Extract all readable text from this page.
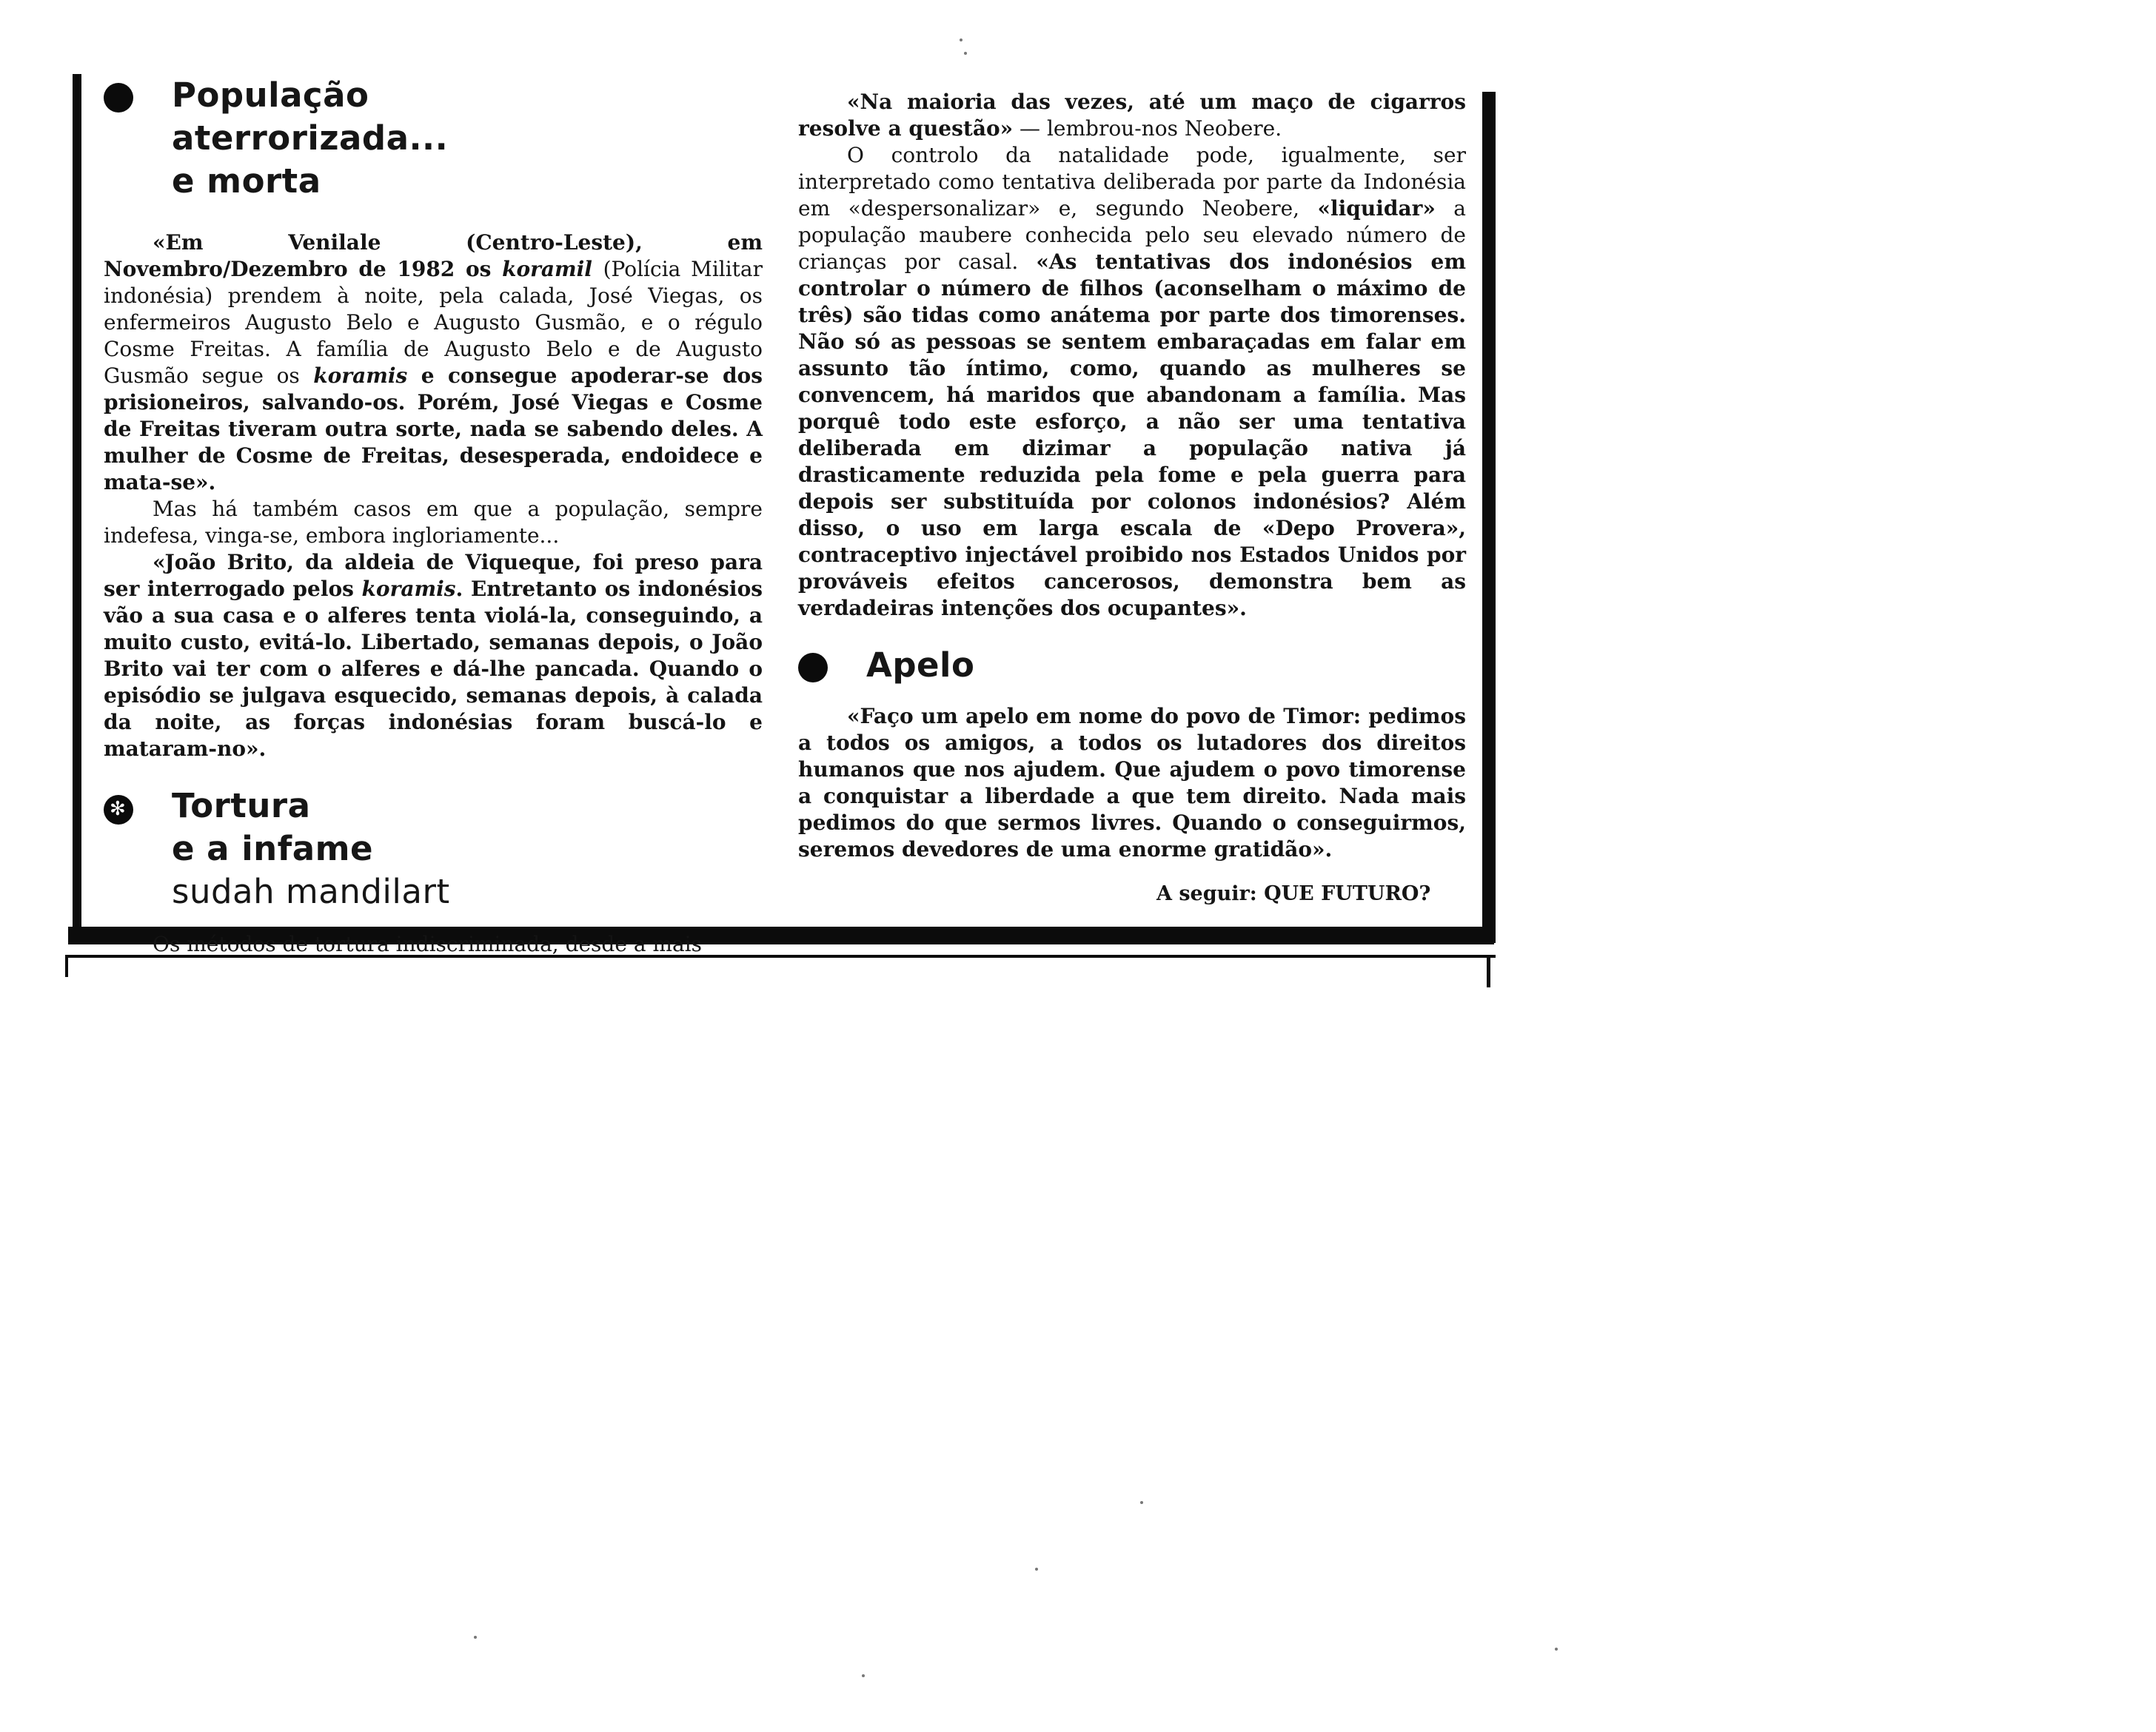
População
aterrorizada...
e morta

«Em Venilale (Centro-Leste), em Novembro/Dezembro de 1982 os koramil (Polícia Militar indonésia) prendem à noite, pela calada, José Viegas, os enfermeiros Augusto Belo e Augusto Gusmão, e o régulo Cosme Freitas. A família de Augusto Belo e de Augusto Gusmão segue os koramis e consegue apoderar-se dos prisioneiros, salvando-os. Porém, José Viegas e Cosme de Freitas tiveram outra sorte, nada se sabendo deles. A mulher de Cosme de Freitas, desesperada, endoidece e mata-se».

Mas há também casos em que a população, sempre indefesa, vinga-se, embora ingloriamente...

«João Brito, da aldeia de Viqueque, foi preso para ser interrogado pelos koramis. Entretanto os indonésios vão a sua casa e o alferes tenta violá-la, conseguindo, a muito custo, evitá-lo. Libertado, semanas depois, o João Brito vai ter com o alferes e dá-lhe pancada. Quando o episódio se julgava esquecido, semanas depois, à calada da noite, as forças indonésias foram buscá-lo e mataram-no».

✻
Tortura
e a infame
sudah mandilart

Os métodos de tortura indiscriminada, desde a mais

«Na maioria das vezes, até um maço de cigarros resolve a questão» — lembrou-nos Neobere.

O controlo da natalidade pode, igualmente, ser interpretado como tentativa deliberada por parte da Indonésia em «despersonalizar» e, segundo Neobere, «liquidar» a população maubere conhecida pelo seu elevado número de crianças por casal. «As tentativas dos indonésios em controlar o número de filhos (aconselham o máximo de três) são tidas como anátema por parte dos timorenses. Não só as pessoas se sentem embaraçadas em falar em assunto tão íntimo, como, quando as mulheres se convencem, há maridos que abandonam a família. Mas porquê todo este esforço, a não ser uma tentativa deliberada em dizimar a população nativa já drasticamente reduzida pela fome e pela guerra para depois ser substituída por colonos indonésios? Além disso, o uso em larga escala de «Depo Provera», contraceptivo injectável proibido nos Estados Unidos por prováveis efeitos cancerosos, demonstra bem as verdadeiras intenções dos ocupantes».

Apelo

«Faço um apelo em nome do povo de Timor: pedimos a todos os amigos, a todos os lutadores dos direitos humanos que nos ajudem. Que ajudem o povo timorense a conquistar a liberdade a que tem direito. Nada mais pedimos do que sermos livres. Quando o conseguirmos, seremos devedores de uma enorme gratidão».

A seguir: QUE FUTURO?
